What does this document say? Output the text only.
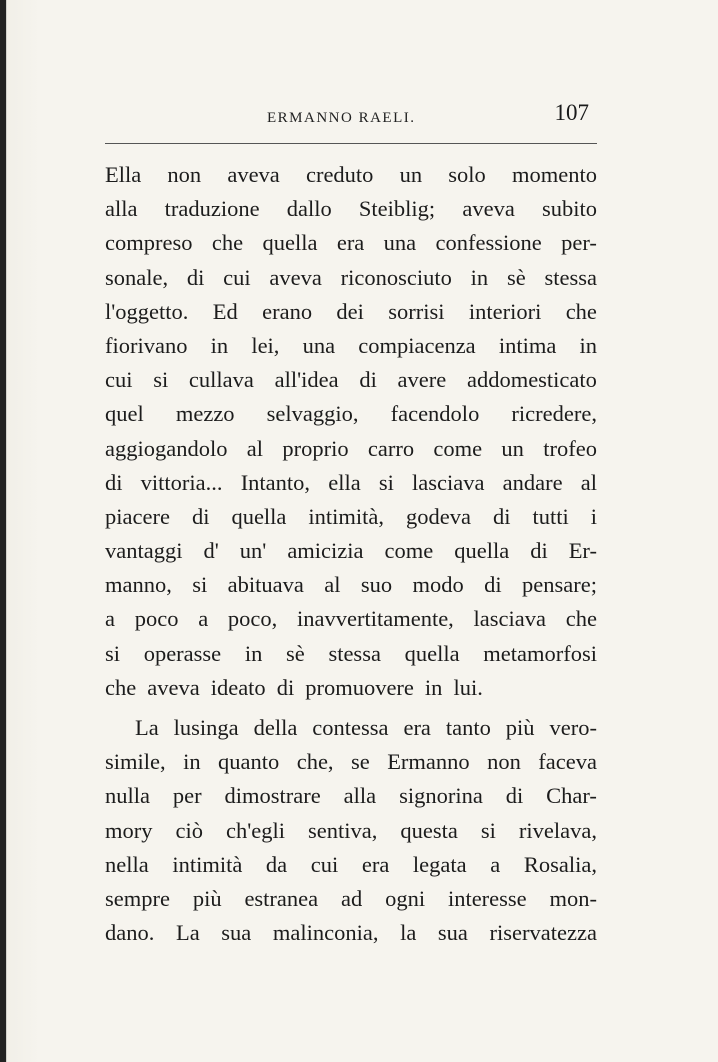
ERMANNO RAELI.	107
Ella non aveva creduto un solo momento
alla traduzione dallo Steiblig; aveva subito
compreso che quella era una confessione per-
sonale, di cui aveva riconosciuto in sè stessa
l'oggetto. Ed erano dei sorrisi interiori che
fiorivano in lei, una compiacenza intima in
cui si cullava all'idea di avere addomesticato
quel mezzo selvaggio, facendolo ricredere,
aggiogandolo al proprio carro come un trofeo
di vittoria... Intanto, ella si lasciava andare al
piacere di quella intimità, godeva di tutti i
vantaggi d' un' amicizia come quella di Er-
manno, si abituava al suo modo di pensare;
a poco a poco, inavvertitamente, lasciava che
si operasse in sè stessa quella metamorfosi
che aveva ideato di promuovere in lui.
La lusinga della contessa era tanto più vero-
simile, in quanto che, se Ermanno non faceva
nulla per dimostrare alla signorina di Char-
mory ciò ch'egli sentiva, questa si rivelava,
nella intimità da cui era legata a Rosalia,
sempre più estranea ad ogni interesse mon-
dano. La sua malinconia, la sua riservatezza
